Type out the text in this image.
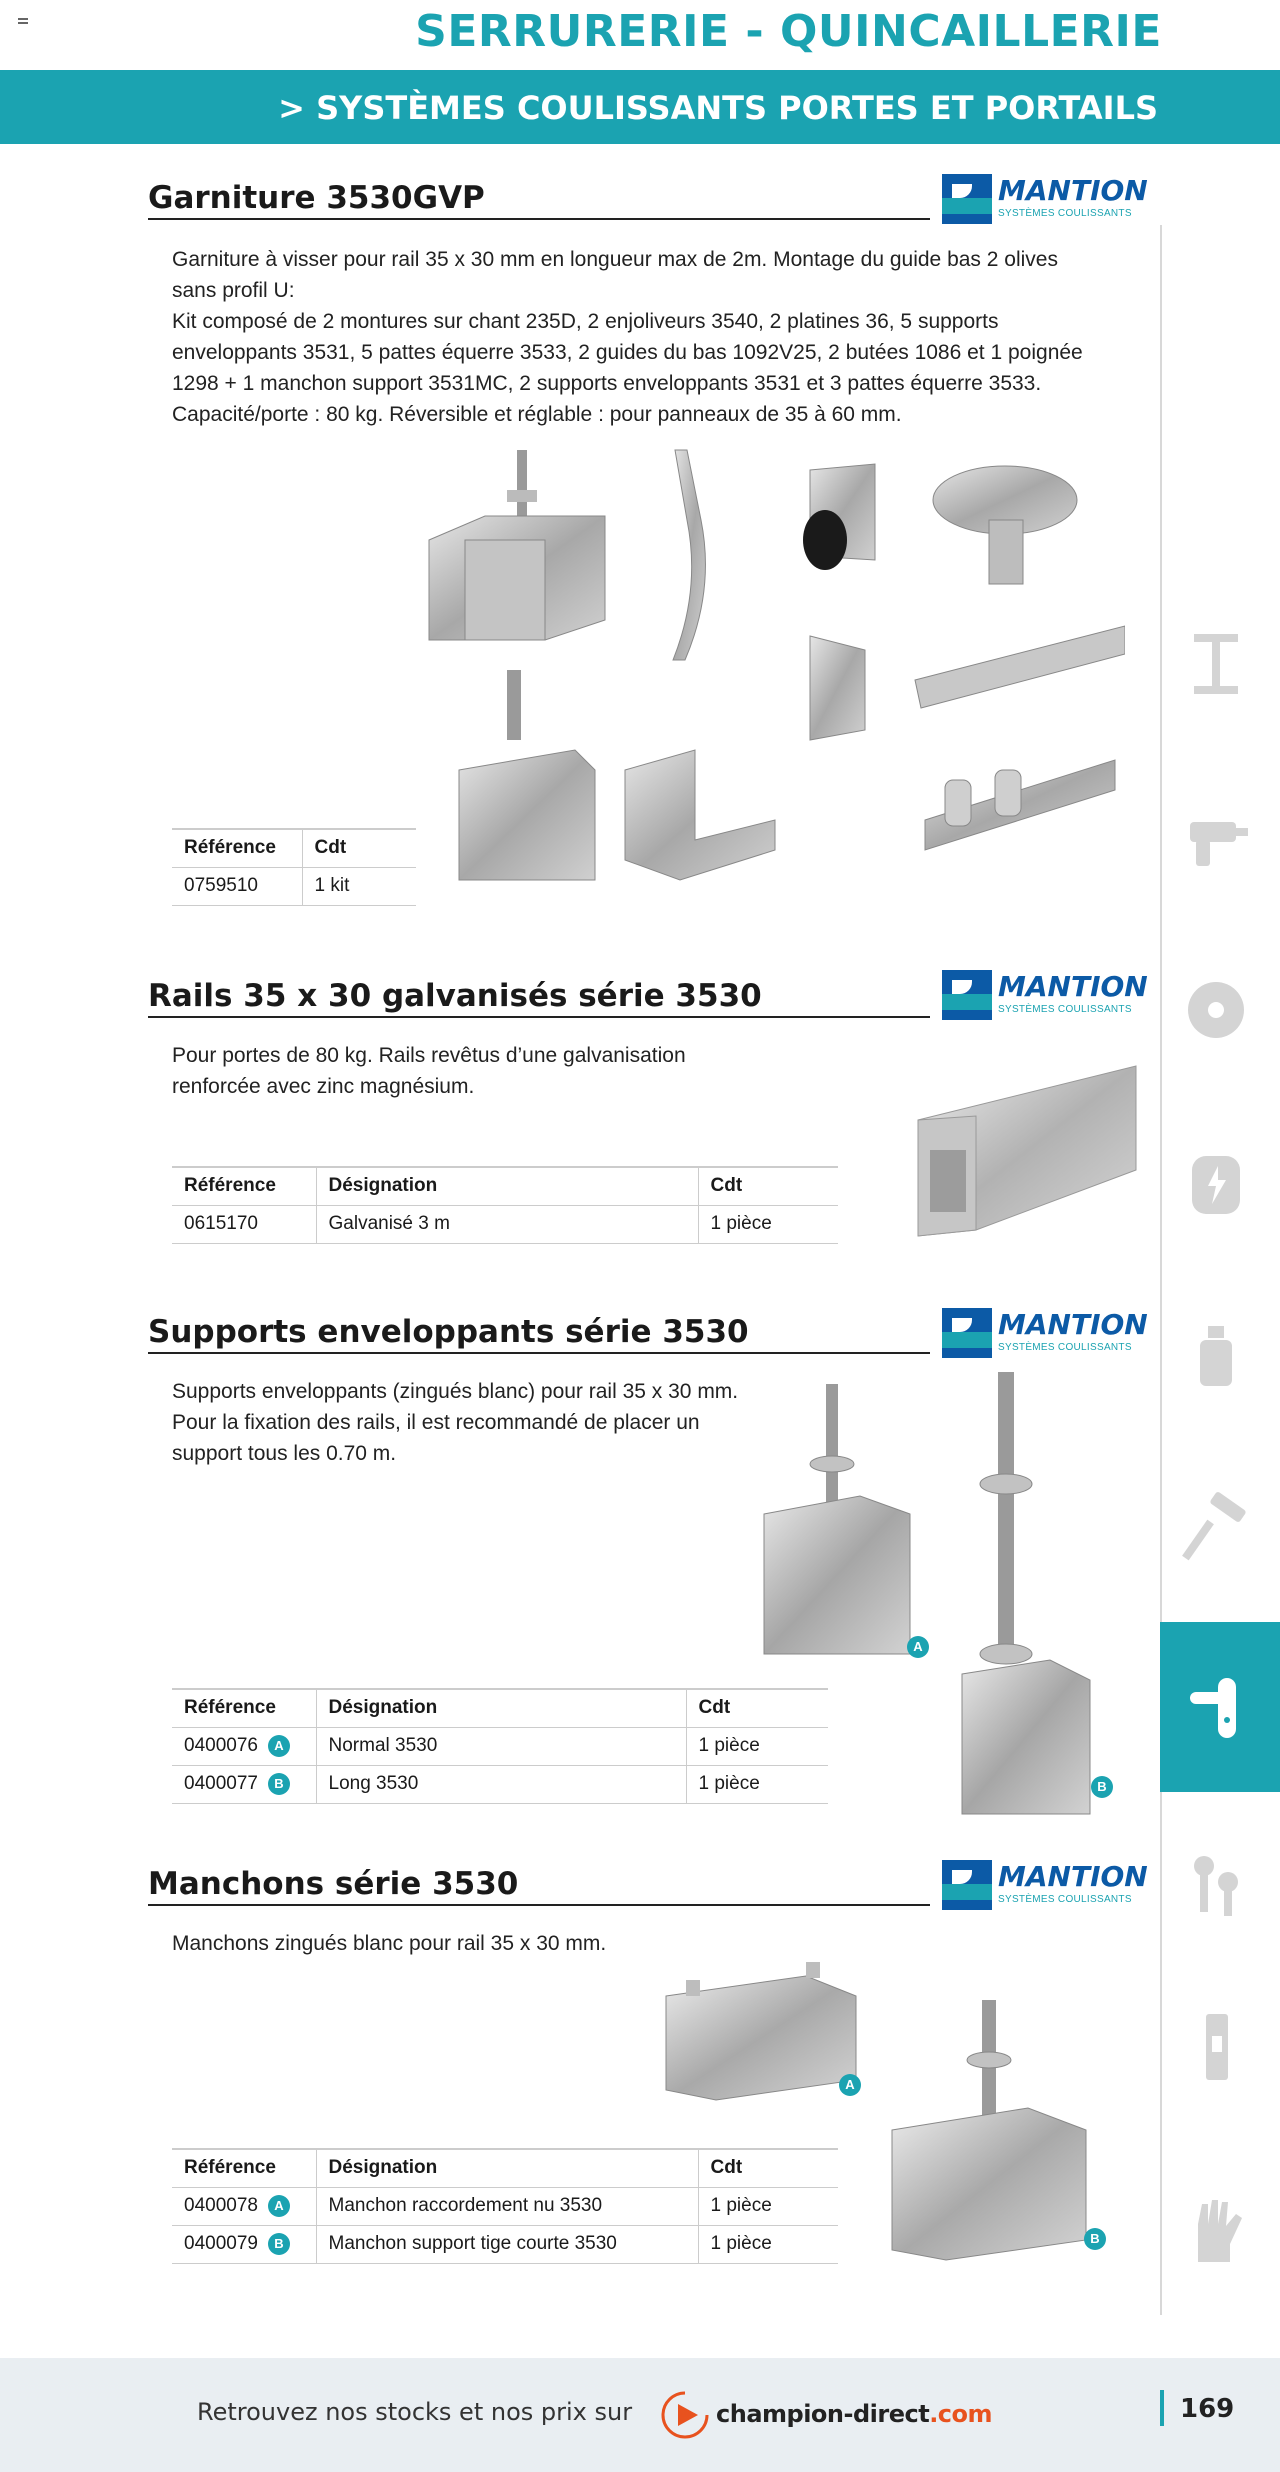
SERRURERIE - QUINCAILLERIE
> SYSTÈMES COULISSANTS PORTES ET PORTAILS
Garniture 3530GVP	MANTION
SYSTÈMES COULISSANTS

Garniture à visser pour rail 35 x 30 mm en longueur max de 2m. Montage du guide bas 2 olives

sans profil U:

Kit composé de 2 montures sur chant 235D, 2 enjoliveurs 3540, 2 platines 36, 5 supports

enveloppants 3531, 5 pattes équerre 3533, 2 guides du bas 1092V25, 2 butées 1086 et 1 poignée

1298 + 1 manchon support 3531MC, 2 supports enveloppants 3531 et 3 pattes équerre 3533.

Capacité/porte : 80 kg. Réversible et réglable : pour panneaux de 35 à 60 mm.

Référence	Cdt
0759510	1 kit
Rails 35 x 30 galvanisés série 3530	MANTION
SYSTÈMES COULISSANTS

Pour portes de 80 kg. Rails revêtus d’une galvanisation

renforcée avec zinc magnésium.

Référence	Désignation	Cdt
0615170	Galvanisé 3 m	1 pièce
Supports enveloppants série 3530	MANTION
SYSTÈMES COULISSANTS

Supports enveloppants (zingués blanc) pour rail 35 x 30 mm.

Pour la fixation des rails, il est recommandé de placer un

support tous les 0.70 m.

A
B
Référence	Désignation	Cdt
0400076 A	Normal 3530	1 pièce
0400077 B	Long 3530	1 pièce
Manchons série 3530	MANTION
SYSTÈMES COULISSANTS

Manchons zingués blanc pour rail 35 x 30 mm.

A
B
Référence	Désignation	Cdt
0400078 A	Manchon raccordement nu 3530	1 pièce
0400079 B	Manchon support tige courte 3530	1 pièce
Retrouvez nos stocks et nos prix sur	champion-direct.com	169
